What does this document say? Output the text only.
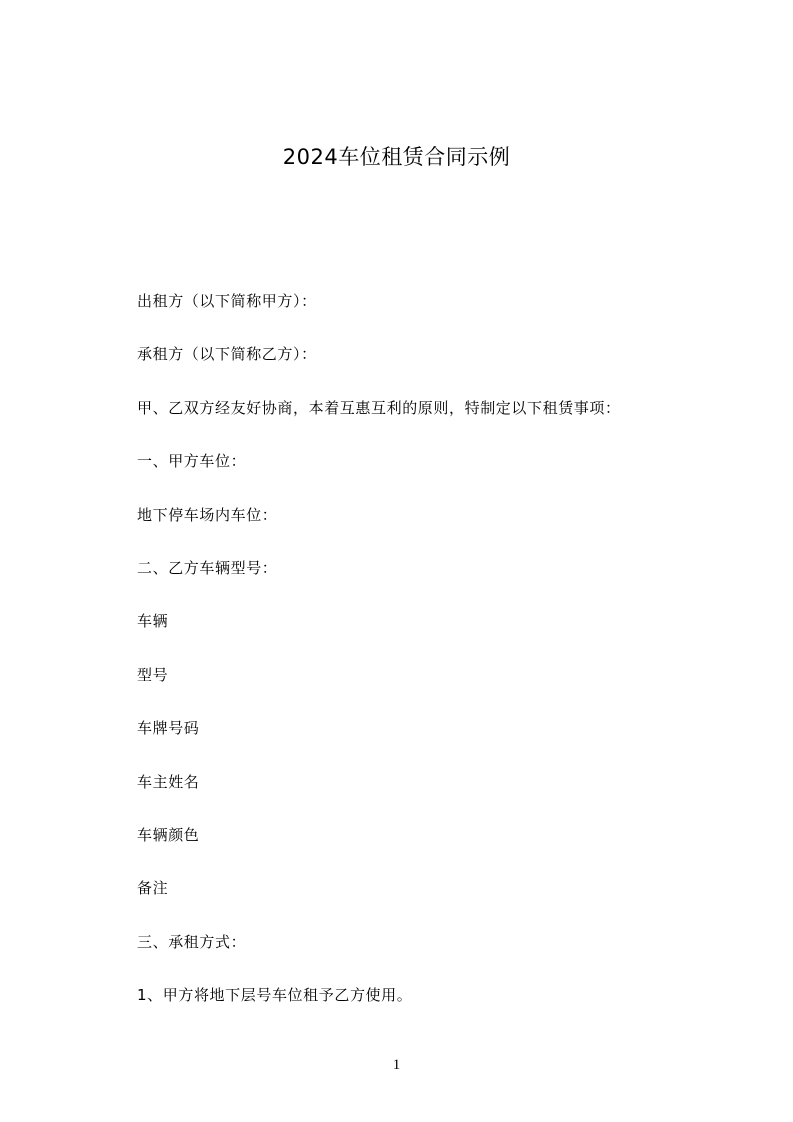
2024车位租赁合同示例
出租方（以下简称甲方）：
承租方（以下简称乙方）：
甲、乙双方经友好协商，本着互惠互利的原则，特制定以下租赁事项：
一、甲方车位：
地下停车场内车位：
二、乙方车辆型号：
车辆
型号
车牌号码
车主姓名
车辆颜色
备注
三、承租方式：
1、甲方将地下层号车位租予乙方使用。
1
